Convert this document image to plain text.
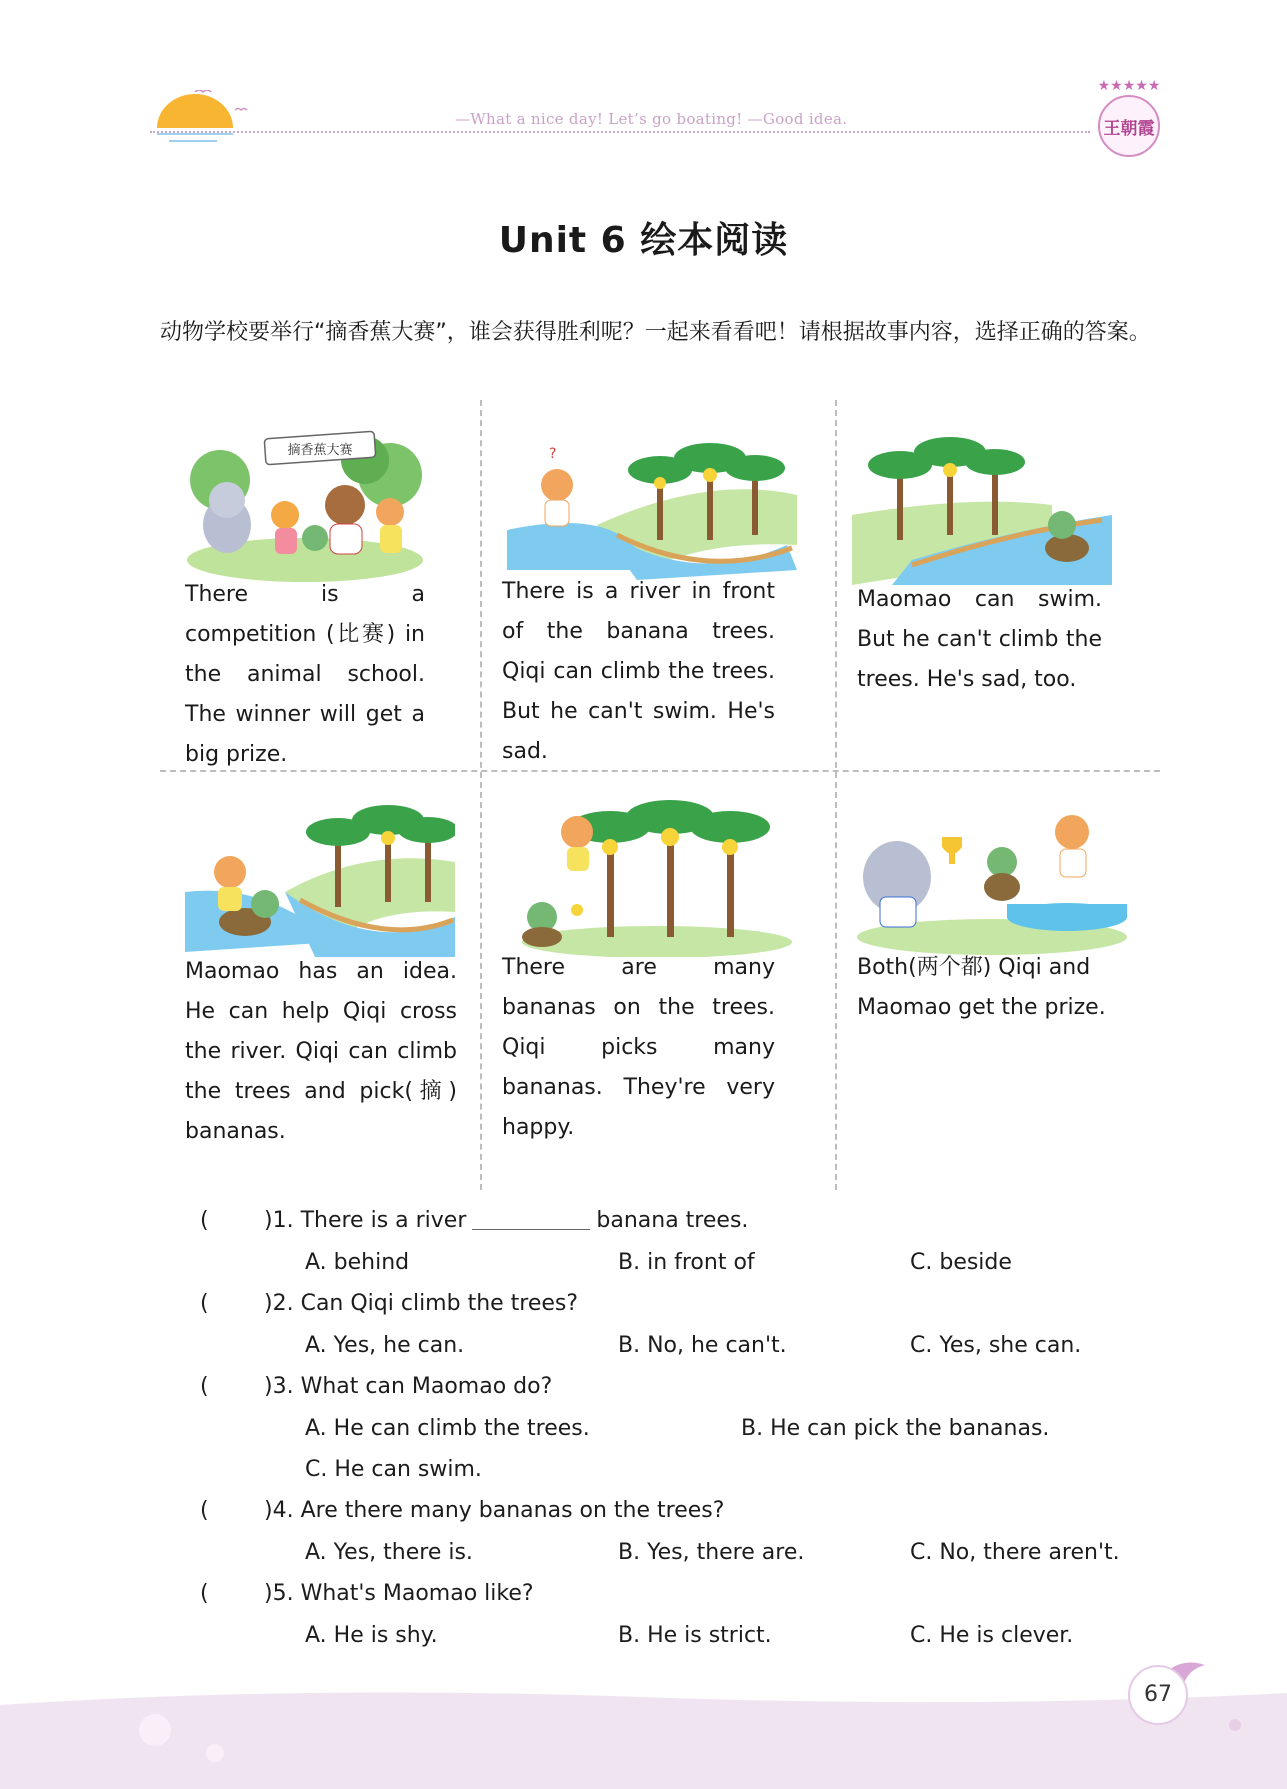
—What a nice day! Let’s go boating! —Good idea.
★★★★★
王朝霞
Unit 6 绘本阅读
动物学校要举行“摘香蕉大赛”，谁会获得胜利呢？一起来看看吧！请根据故事内容，选择正确的答案。
摘香蕉大赛
There is a competition (比赛) in the animal school. The winner will get a big prize.
?
There is a river in front of the banana trees. Qiqi can climb the trees. But he can't swim. He's sad.
Maomao can swim. But he can't climb the trees. He's sad, too.
Maomao has an idea. He can help Qiqi cross the river. Qiqi can climb the trees and pick(摘) bananas.
There are many bananas on the trees. Qiqi picks many bananas. They're very happy.
Both(两个都) Qiqi and Maomao get the prize.
(	)1. There is a river	banana trees.
A. behind	B. in front of	C. beside
(	)2. Can Qiqi climb the trees?
A. Yes, he can.	B. No, he can't.	C. Yes, she can.
(	)3. What can Maomao do?
A. He can climb the trees.	B. He can pick the bananas.
C. He can swim.
(	)4. Are there many bananas on the trees?
A. Yes, there is.	B. Yes, there are.	C. No, there aren't.
(	)5. What's Maomao like?
A. He is shy.	B. He is strict.	C. He is clever.
67
